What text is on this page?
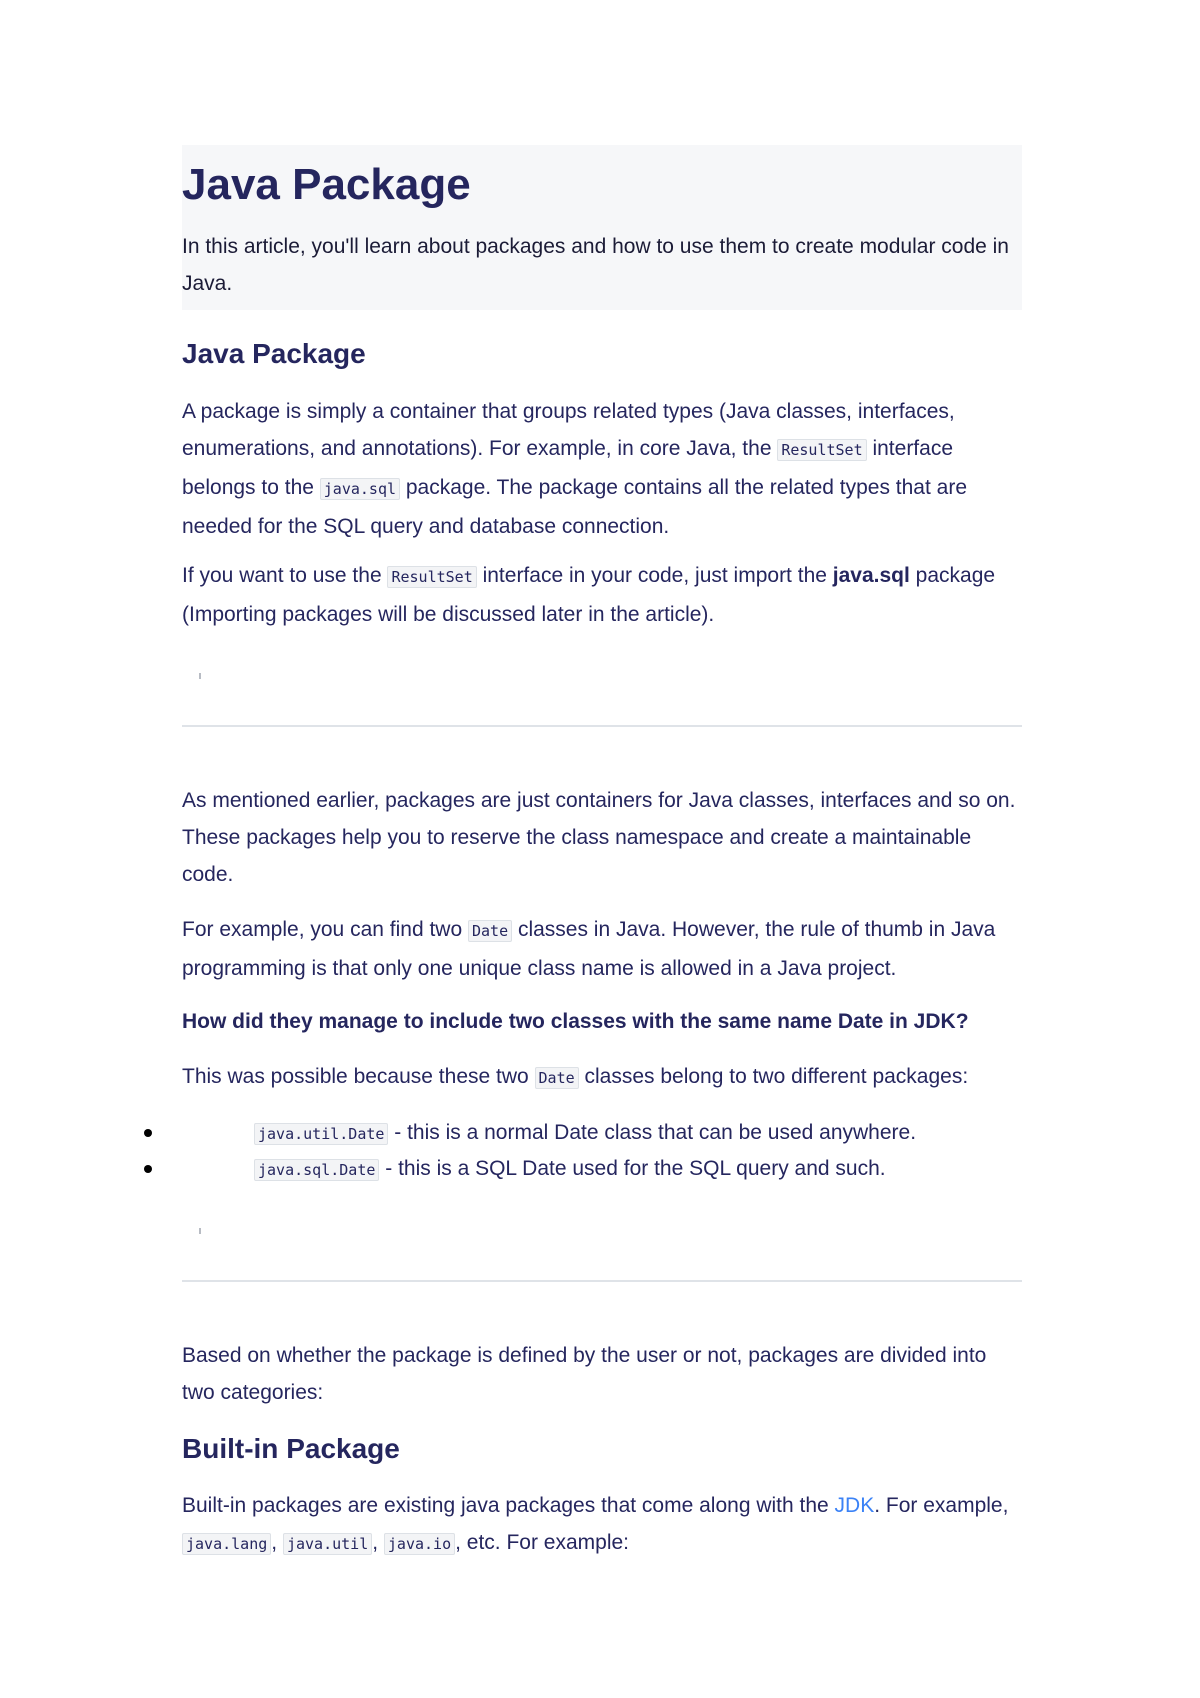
Java Package

In this article, you'll learn about packages and how to use them to create modular code in Java.

Java Package

A package is simply a container that groups related types (Java classes, interfaces, enumerations, and annotations). For example, in core Java, the ResultSet interface belongs to the java.sql package. The package contains all the related types that are needed for the SQL query and database connection.

If you want to use the ResultSet interface in your code, just import the java.sql package (Importing packages will be discussed later in the article).

As mentioned earlier, packages are just containers for Java classes, interfaces and so on. These packages help you to reserve the class namespace and create a maintainable code.

For example, you can find two Date classes in Java. However, the rule of thumb in Java programming is that only one unique class name is allowed in a Java project.

How did they manage to include two classes with the same name Date in JDK?

This was possible because these two Date classes belong to two different packages:

java.util.Date - this is a normal Date class that can be used anywhere.
java.sql.Date - this is a SQL Date used for the SQL query and such.

Based on whether the package is defined by the user or not, packages are divided into two categories:

Built-in Package

Built-in packages are existing java packages that come along with the JDK. For example, java.lang , java.util , java.io , etc. For example:
